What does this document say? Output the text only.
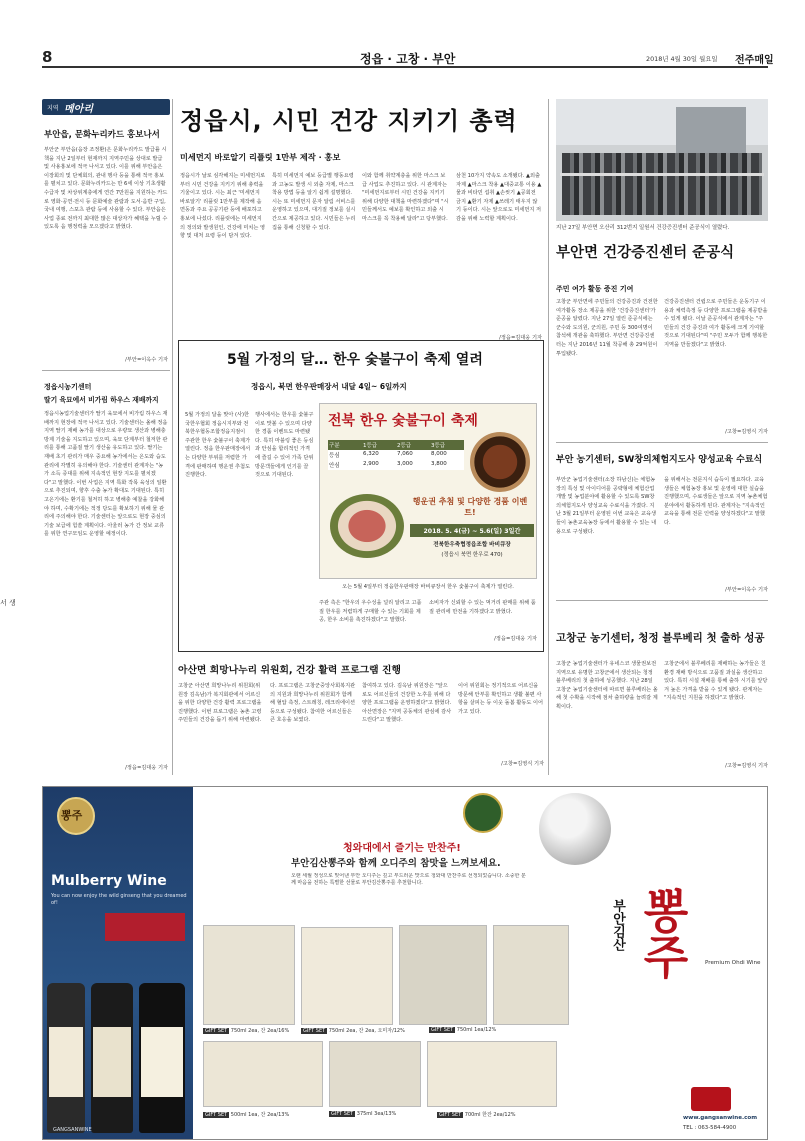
8	정읍 · 고창 · 부안	2018년 4월 30일 월요일 전주매일
지역 메아리
부안읍, 문화누리카드 홍보나서

부안군 부안읍(읍장 조정환)은 문화누리카드 발급률 시책을 지난 2일부터 현재까지 지역주민을 상대로 발급 및 사용홍보에 적극 나서고 있다. 이를 위해 부안읍은 이장회의 및 단체회의, 관내 행사 등을 통해 적극 홍보를 펼치고 있다. 문화누리카드는 만 6세 이상 기초생활수급자 및 차상위계층에게 연간 7만원을 지원하는 카드로 영화·공연·전시 등 문화예술 관람과 도서·음반 구입, 국내 여행, 스포츠 관람 등에 사용할 수 있다. 부안읍은 사업 종료 전까지 최대한 많은 대상자가 혜택을 누릴 수 있도록 읍 행정력을 모으겠다고 밝혔다.

/부안=이옥수 기자
정읍시농기센터
딸기 육묘에서 비가림 하우스 재배까지

정읍시농업기술센터가 딸기 육묘에서 비가림 하우스 재배까지 현장에 적극 나서고 있다. 기술센터는 올해 정읍 지역 딸기 재배 농가를 대상으로 우량묘 생산과 병해충 방제 기술을 지도하고 있으며, 육묘 단계부터 철저한 관리를 통해 고품질 딸기 생산을 유도하고 있다. 딸기는 재배 초기 관리가 매우 중요해 농가에서는 온도와 습도 관리에 각별히 유의해야 한다. 기술센터 관계자는 "농가 소득 증대를 위해 지속적인 현장 지도를 펼치겠다"고 말했다. 이번 사업은 지역 특화 작목 육성의 일환으로 추진되며, 향후 수출 농가 확대도 기대된다. 특히 고온기에는 환기를 철저히 하고 병해충 예찰을 강화해야 하며, 수확기에는 적정 당도를 확보하기 위해 물 관리에 주의해야 한다. 기술센터는 앞으로도 현장 중심의 기술 보급에 힘쓸 계획이다. 아울러 농가 간 정보 교류를 위한 연구모임도 운영할 예정이다.

/정읍=김대웅 기자
서 생
정읍시, 시민 건강 지키기 총력
미세먼지 바로알기 리플릿 1만부 제작 · 홍보

정읍시가 날로 심각해지는 미세먼지로부터 시민 건강을 지키기 위해 총력을 기울이고 있다. 시는 최근 '미세먼지 바로알기' 리플릿 1만부를 제작해 읍면동과 주요 공공기관 등에 배포하고 홍보에 나섰다. 리플릿에는 미세먼지의 정의와 발생원인, 건강에 미치는 영향 및 대처 요령 등이 담겨 있다.

특히 미세먼지 예보 등급별 행동요령과 고농도 발생 시 외출 자제, 마스크 착용 방법 등을 알기 쉽게 설명했다. 시는 또 미세먼지 문자 알림 서비스를 운영하고 있으며, 대기질 정보를 실시간으로 제공하고 있다. 시민들은 누리집을 통해 신청할 수 있다.

이와 함께 취약계층을 위한 마스크 보급 사업도 추진하고 있다. 시 관계자는 "미세먼지로부터 시민 건강을 지키기 위해 다양한 대책을 마련하겠다"며 "시민들께서도 예보를 확인하고 외출 시 마스크를 꼭 착용해 달라"고 당부했다.

삼천 10가지 약속도 소개됐다. ▲외출 자제 ▲마스크 착용 ▲대중교통 이용 ▲물과 비타민 섭취 ▲손씻기 ▲공회전 금지 ▲환기 자제 ▲쓰레기 태우지 않기 등이다. 시는 앞으로도 미세먼지 저감을 위해 노력할 계획이다.

/정읍=김대웅 기자
지난 27일 부안면 오산리 312번지 일원서 건강증진센터 준공식이 열렸다.
부안면 건강증진센터 준공식
주민 여가 활동 증진 기여

고창군 부안면에 주민들의 건강증진과 건전한 여가활동 장소 제공을 위한 '건강증진센터'가 준공을 알렸다. 지난 27일 열린 준공식에는 군수와 도의원, 군의원, 주민 등 300여명이 참석해 개관을 축하했다. 부안면 건강증진센터는 지난 2016년 11월 착공해 총 29억원이 투입됐다.

건강증진센터 건립으로 주민들은 운동기구 이용과 체력측정 등 다양한 프로그램을 제공받을 수 있게 됐다. 이날 준공식에서 관계자는 "주민들의 건강 증진과 여가 활동에 크게 기여할 것으로 기대된다"며 "주민 모두가 함께 행복한 지역을 만들겠다"고 밝혔다.

/고창=김영식 기자
부안 농기센터, SW창의체험지도사 양성교육 수료식

부안군 농업기술센터(소장 하남신)는 체험농장의 특성 및 아이디어를 공략형에 체험산업 개발 및 농업분야에 활용할 수 있도록 SW창의체험지도사 양성교육 수료식을 가졌다. 지난 3월 21일부터 운영된 이번 교육은 교육생들이 농촌교육농장 등에서 활용할 수 있는 내용으로 구성됐다.

을 위해서는 전문지식 습득이 필요하다. 교육생들은 체험농장 홍보 및 운영에 대한 실습을 진행했으며, 수료생들은 앞으로 지역 농촌체험 분야에서 활동하게 된다. 관계자는 "지속적인 교육을 통해 전문 인력을 양성하겠다"고 말했다.

/부안=이옥수 기자
고창군 농기센터, 청정 블루베리 첫 출하 성공

고창군 농업기술센터가 유네스코 생물권보전지역으로 유명한 고창군에서 생산되는 청정 블루베리의 첫 출하에 성공했다. 지난 28일 고창군 농업기술센터에 따르면 블루베리는 올해 첫 수확을 시작해 점차 출하량을 늘려갈 계획이다.

고창군에서 블루베리를 재배하는 농가들은 친환경 재배 방식으로 고품질 과실을 생산하고 있다. 특히 시설 재배를 통해 출하 시기를 앞당겨 높은 가격을 받을 수 있게 됐다. 관계자는 "지속적인 지원을 하겠다"고 밝혔다.

/고창=김영식 기자
5월 가정의 달… 한우 숯불구이 축제 열려
정읍시, 북면 한우판매장서 내달 4일~ 6일까지

5월 가정의 달을 맞아 (사)한국한우협회 정읍시지부와 전북한우협동조합정읍지점이 주관한 한우 숯불구이 축제가 열린다. 정읍 한우판매장에서는 다양한 부위를 저렴한 가격에 판매하며 행운권 추첨도 진행한다.

행사에서는 한우를 숯불구이로 맛볼 수 있으며 다양한 경품 이벤트도 마련됐다. 특히 마블링 좋은 등심과 안심을 합리적인 가격에 즐길 수 있어 가족 단위 방문객들에게 인기를 끌 것으로 기대된다.

전북 한우 숯불구이 축제
구분	1등급	2등급	3등급
등심	6,320	7,060	8,000
안심	2,900	3,000	3,800
행운권 추첨 및 다양한 경품 이벤트!
2018. 5. 4(금) ~ 5.6(일) 3일간
전북한우축협정읍조합 바비큐장
(정읍시 북면 한우로 470)
오는 5월 4일부터 정읍한우판매장 바비큐장서 한우 숯불구이 축제가 열린다.

주관 측은 "한우의 우수성을 널리 알리고 고품질 한우를 저렴하게 구매할 수 있는 기회를 제공, 한우 소비를 촉진하겠다"고 말했다.

소비자가 신뢰할 수 있는 먹거리 판매를 위해 품질 관리에 만전을 기하겠다고 밝혔다.

/정읍=김대웅 기자
아산면 희망나누리 위원회, 건강 활력 프로그램 진행

고창군 아산면 희망나누리 위원회(위원장 김옥남)가 복지회관에서 어르신을 위한 다양한 건강 활력 프로그램을 진행했다. 이번 프로그램은 농촌 고령 주민들의 건강을 돕기 위해 마련됐다.

다. 프로그램은 고창군중앙사회복지관의 지원과 희망나누리 위원회가 함께해 혈압 측정, 스트레칭, 레크리에이션 등으로 구성됐다. 참여한 어르신들은 큰 호응을 보였다.

참여하고 있다. 김옥남 위원장은 "앞으로도 어르신들의 건강한 노후를 위해 다양한 프로그램을 운영하겠다"고 밝혔다. 아산면장은 "지역 공동체의 관심에 감사드린다"고 말했다.

이어 위원회는 정기적으로 어르신을 방문해 안부를 확인하고 생활 불편 사항을 살피는 등 이웃 돌봄 활동도 이어가고 있다.

/고창=김영식 기자
뽕주
Mulberry Wine
You can now enjoy the wild ginseng that you dreamed of!
청와대에서 즐기는 만찬주!
부안김산뽕주와 함께 오디주의 참맛을 느껴보세요.

오랜 세월 정성으로 빚어낸 부안 오디주는 깊고 부드러운 맛으로 청와대 만찬주로 선정되었습니다. 소중한 분께 마음을 전하는 특별한 선물로 부안김산뽕주를 추천합니다.

GIFT SET 750ml 2ea, 잔 2ea/16%	GIFT SET 750ml 2ea, 잔 2ea, 오미자/12%	GIFT SET 750ml 1ea/12%
GIFT SET 500ml 1ea, 잔 2ea/13%	GIFT SET 375ml 3ea/13%	GIFT SET 700ml 한잔 2ea/12%
부안김산 뽕주	Premium Ohdi Wine
www.gangsanwine.com
TEL : 063-584-4900
GANGSANWINE
